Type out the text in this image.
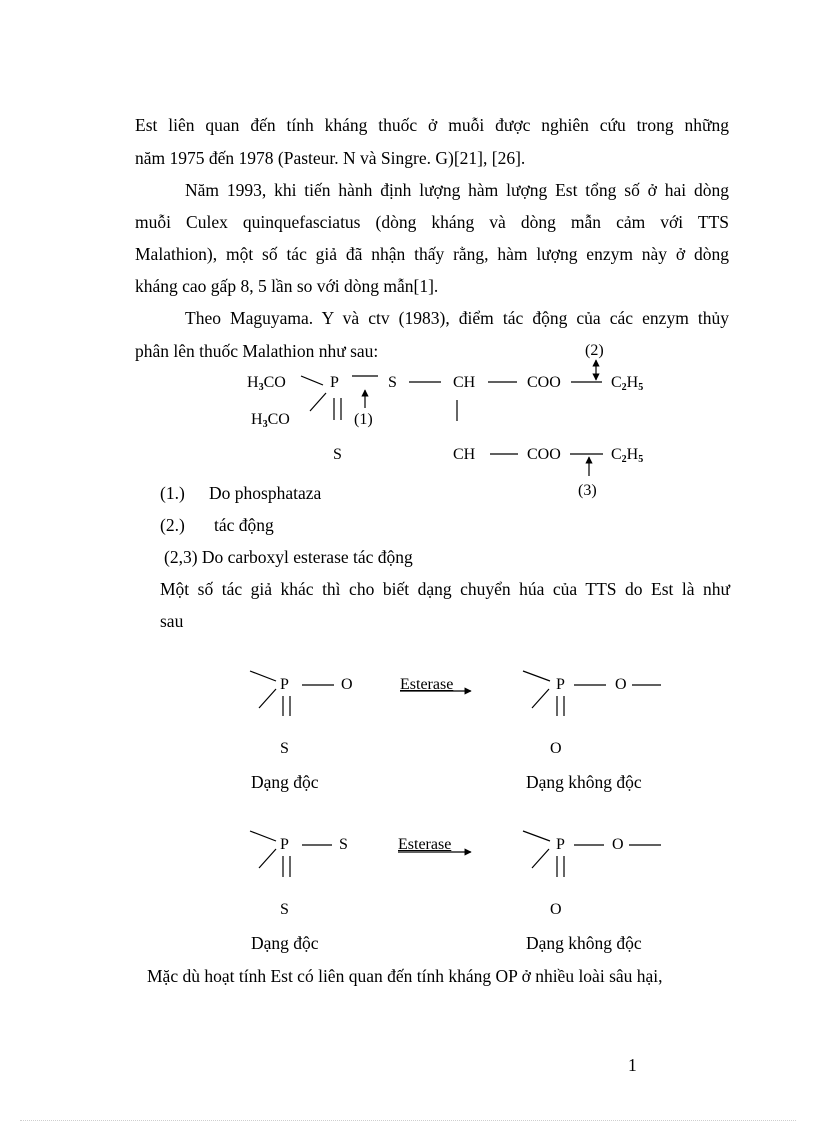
Est liên quan đến tính kháng thuốc ở muỗi được nghiên cứu trong những
năm 1975 đến 1978 (Pasteur. N và Singre. G)[21], [26].
Năm 1993, khi tiến hành định lượng hàm lượng Est tổng số ở hai dòng
muỗi Culex quinquefasciatus (dòng kháng và dòng mẫn cảm với TTS
Malathion), một số tác giả đã nhận thấy rằng, hàm lượng enzym này ở dòng
kháng cao gấp 8, 5 lần so với dòng mẫn[1].
Theo Maguyama. Y và ctv (1983), điểm tác động của các enzym thủy
phân lên thuốc Malathion như sau:
$H_3CO$
$H_3CO$
P	S	CH	COO	$C_2H_5$
S	CH	COO	$C_2H_5$
(1)
(2)
(3)
(1.) Do phosphataza
(2.) tác động
(2,3) Do carboxyl esterase tác động
Một số tác giả khác thì cho biết dạng chuyển húa của TTS do Est là như
sau
P	O	Esterase	P	O
S	O
Dạng độc	Dạng không độc
P	S	Esterase	P	O
S	O
Dạng độc	Dạng không độc
Mặc dù hoạt tính Est có liên quan đến tính kháng OP ở nhiều loài sâu hại,
1
